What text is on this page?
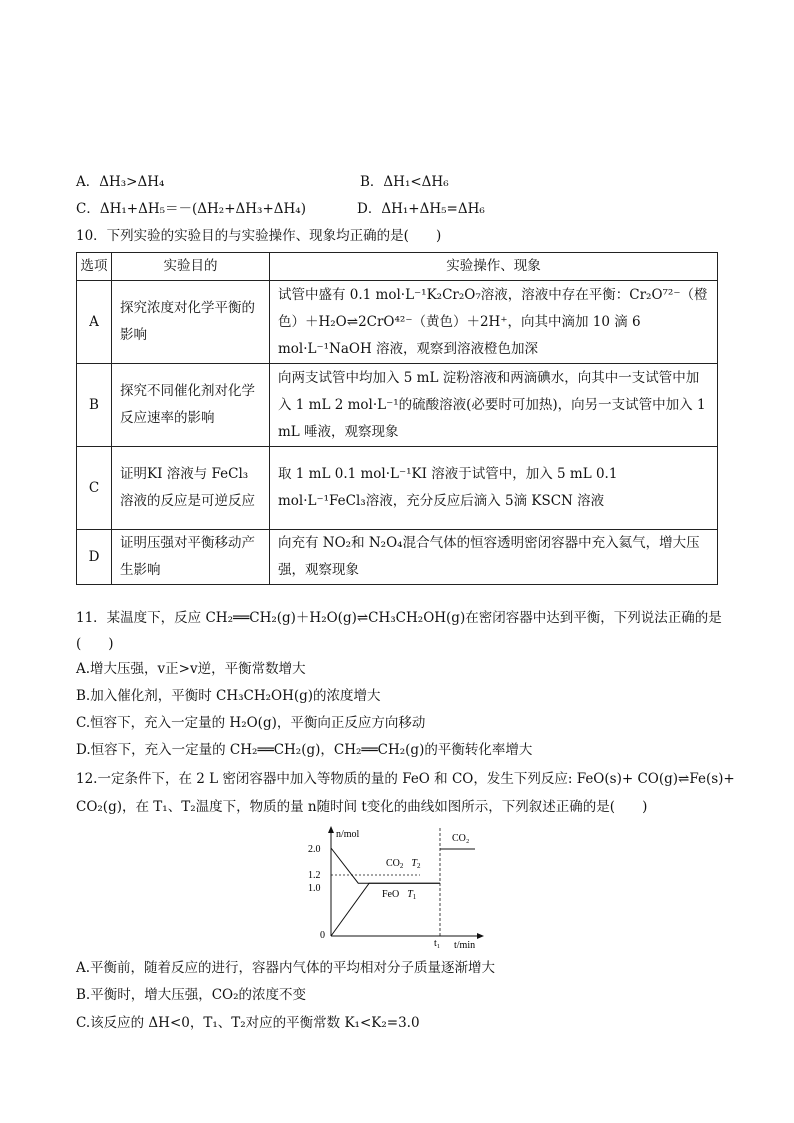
A．ΔH₃>ΔH₄	B．ΔH₁<ΔH₆
C．ΔH₁+ΔH₅＝－(ΔH₂+ΔH₃+ΔH₄)	D．ΔH₁+ΔH₅=ΔH₆
10．下列实验的实验目的与实验操作、现象均正确的是(　　)
选项	实验目的	实验操作、现象
A	探究浓度对化学平衡的影响	试管中盛有 0.1 mol·L⁻¹K₂Cr₂O₇溶液，溶液中存在平衡：Cr₂O⁷²⁻（橙色）＋H₂O⇌2CrO⁴²⁻（黄色）＋2H⁺，向其中滴加 10 滴 6 mol·L⁻¹NaOH 溶液，观察到溶液橙色加深
B	探究不同催化剂对化学反应速率的影响	向两支试管中均加入 5 mL 淀粉溶液和两滴碘水，向其中一支试管中加入 1 mL 2 mol·L⁻¹的硫酸溶液(必要时可加热)，向另一支试管中加入 1 mL 唾液，观察现象
C	证明KI 溶液与 FeCl₃溶液的反应是可逆反应	取 1 mL 0.1 mol·L⁻¹KI 溶液于试管中，加入 5 mL 0.1 mol·L⁻¹FeCl₃溶液，充分反应后滴入 5滴 KSCN 溶液
D	证明压强对平衡移动产生影响	向充有 NO₂和 N₂O₄混合气体的恒容透明密闭容器中充入氦气，增大压强，观察现象
11．某温度下，反应 CH₂══CH₂(g)＋H₂O(g)⇌CH₃CH₂OH(g)在密闭容器中达到平衡，下列说法正确的是
(　　)
A.增大压强，v正>v逆，平衡常数增大
B.加入催化剂，平衡时 CH₃CH₂OH(g)的浓度增大
C.恒容下，充入一定量的 H₂O(g)，平衡向正反应方向移动
D.恒容下，充入一定量的 CH₂══CH₂(g)，CH₂══CH₂(g)的平衡转化率增大
12.一定条件下，在 2 L 密闭容器中加入等物质的量的 FeO 和 CO，发生下列反应: FeO(s)+ CO(g)⇌Fe(s)+
CO₂(g)，在 T₁、T₂温度下，物质的量 n随时间 t变化的曲线如图所示，下列叙述正确的是(　　)
n/mol
t/min
2.0
1.2
1.0
0
t₁
CO₂
$CO_2$ $T_2$
FeO $T_1$
A.平衡前，随着反应的进行，容器内气体的平均相对分子质量逐渐增大
B.平衡时，增大压强，CO₂的浓度不变
C.该反应的 ΔH<0，T₁、T₂对应的平衡常数 K₁<K₂=3.0
